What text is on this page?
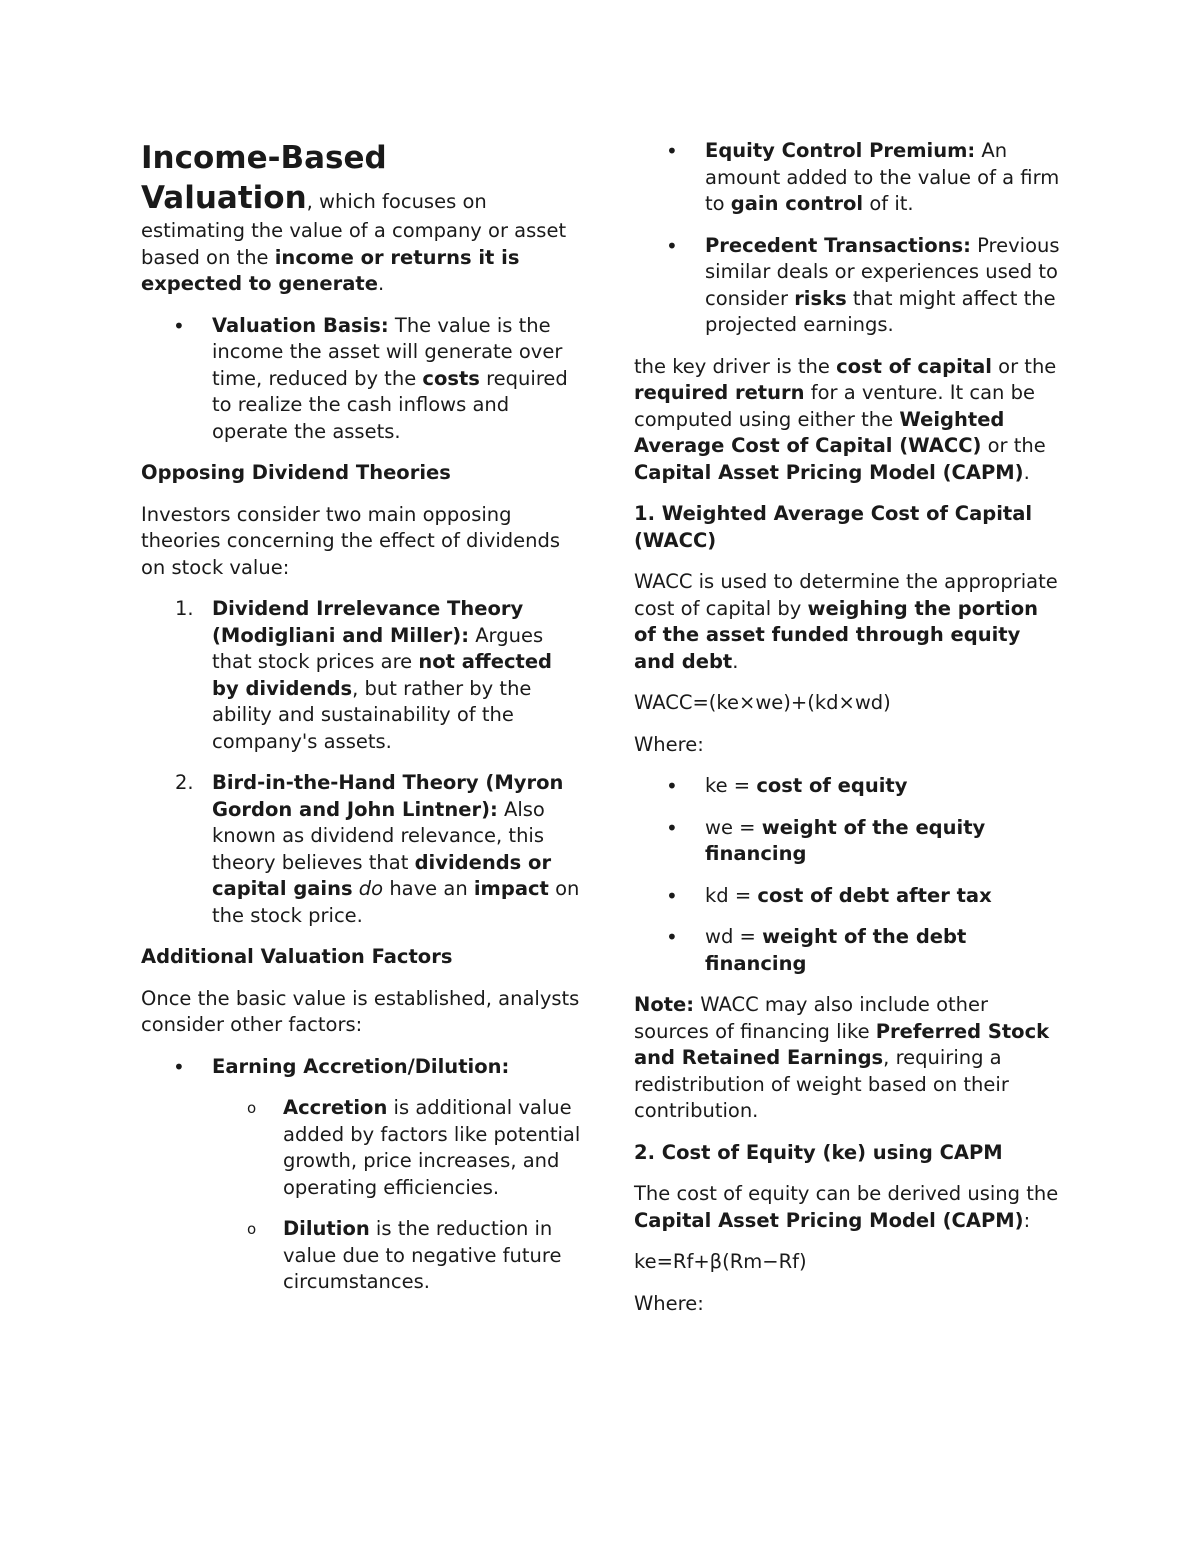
Income-Based
Valuation, which focuses on estimating the value of a company or asset based on the income or returns it is expected to generate.

• Valuation Basis: The value is the income the asset will generate over time, reduced by the costs required to realize the cash inflows and operate the assets.
Opposing Dividend Theories

Investors consider two main opposing theories concerning the effect of dividends on stock value:

1. Dividend Irrelevance Theory (Modigliani and Miller): Argues that stock prices are not affected by dividends, but rather by the ability and sustainability of the company's assets.
2. Bird-in-the-Hand Theory (Myron Gordon and John Lintner): Also known as dividend relevance, this theory believes that dividends or capital gains do have an impact on the stock price.
Additional Valuation Factors

Once the basic value is established, analysts consider other factors:

• Earning Accretion/Dilution:
o Accretion is additional value added by factors like potential growth, price increases, and operating efficiencies.
o Dilution is the reduction in value due to negative future circumstances.
• Equity Control Premium: An amount added to the value of a firm to gain control of it.
• Precedent Transactions: Previous similar deals or experiences used to consider risks that might affect the projected earnings.

the key driver is the cost of capital or the required return for a venture. It can be computed using either the Weighted Average Cost of Capital (WACC) or the Capital Asset Pricing Model (CAPM).

1. Weighted Average Cost of Capital (WACC)

WACC is used to determine the appropriate cost of capital by weighing the portion of the asset funded through equity and debt.

WACC=(ke×we)+(kd×wd)

Where:

• ke = cost of equity
• we = weight of the equity financing
• kd = cost of debt after tax
• wd = weight of the debt financing

Note: WACC may also include other sources of financing like Preferred Stock and Retained Earnings, requiring a redistribution of weight based on their contribution.

2. Cost of Equity (ke) using CAPM

The cost of equity can be derived using the Capital Asset Pricing Model (CAPM):

ke=Rf+β(Rm−Rf)

Where:
